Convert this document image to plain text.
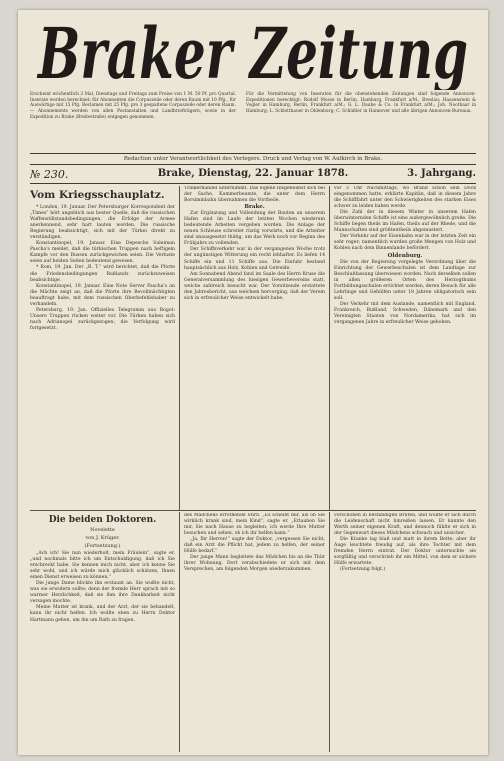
Braker Zeitung
Erscheint wöchentlich 3 Mal, Dienstags und Freitags zum Preise von 1 M. 50 Pf. pro Quartal. Inserate werden berechnet: für Abonnenten die Corpuszeile oder deren Raum mit 10 Pfg., für Auswärtige mit 15 Pfg. Reclamen mit 25 Pfg. pro 3 gespaltene Corpuszeile oder deren Raum. — Abonnements werden von allen Postanstalten und Landbriefträgern, sowie in der Expedition zu Brake (Breitestraße) entgegen genommen.
Für die Vermittelung von Inseraten für die obenstehenden Zeitungen sind folgende Annoncen-Expeditionen berechtigt: Rudolf Mosse in Berlin, Hamburg, Frankfurt a/M., Breslau; Haasenstein & Vogler in Hamburg, Berlin, Frankfurt a/M.; G. L. Daube & Co. in Frankfurt a/M.; Joh. Nootbaar in Hamburg; L. Schlotthauer in Oldenburg; C. Schüßler in Hannover und alle übrigen Annoncen-Bureaux.
Redaction unter Verantwortlichkeit des Verlegers. Druck und Verlag von W. Aufkirch in Brake.
№ 230.	Brake, Dienstag, 22. Januar 1878.	3. Jahrgang.
Vom Kriegsschauplatz.

* London, 19. Januar. Der Petersburger Korrespondent der „Times“ hört angeblich aus bester Quelle, daß die russischen Waffenstillstandsbedingungen, die Erfolge der Armee anerkennend, sehr hart lauten werden. Die russische Regierung beabsichtigt, sich mit der Türkei direkt zu verständigen.

Konstantinopel, 19. Januar. Eine Depesche Suleiman Pascha's meldet, daß die türkischen Truppen nach heftigem Kampfe vor den Russen zurückgewichen seien. Die Verluste seien auf beiden Seiten bedeutend gewesen.

* Rom, 19. Jan. Der „R. T.“ wird berichtet, daß die Pforte die Friedensbedingungen Rußlands zurückzuweisen beabsichtige.

Konstantinopel, 19. Januar. Eine Note Server Pascha's an die Mächte zeigt an, daß die Pforte ihre Bevollmächtigten beauftragt habe, mit dem russischen Oberbefehlshaber zu verhandeln.

Petersburg, 19. Jan. Offizielles Telegramm aus Bogot: Unsere Truppen rücken weiter vor. Die Türken haben sich nach Adrianopel zurückgezogen; die Verfolgung wird fortgesetzt.

Trinkerhandel unternimmt. Das eigene Insgeheimst sich bei der Sache, Kammerbeamte, die unter dem Herrn Borsimmbahn übernahmen die Vortheile.

Brake.

Zur Ergänzung und Vollendung der Bauten an unserem Hafen sind im Laufe der letzten Wochen wiederum bedeutende Arbeiten vergeben worden. Die Anlage der neuen Schleuse schreitet rüstig vorwärts, und die Arbeiter sind unausgesetzt thätig, um das Werk noch vor Beginn des Frühjahrs zu vollenden.

Der Schiffsverkehr war in der vergangenen Woche trotz der ungünstigen Witterung ein recht lebhafter. Es liefen 14 Schiffe ein und 11 Schiffe aus. Die Einfuhr bestand hauptsächlich aus Holz, Kohlen und Getreide.

Am Sonnabend Abend fand im Saale des Herrn Kruse die Generalversammlung des hiesigen Gewerbevereins statt, welche zahlreich besucht war. Der Vorsitzende erstattete den Jahresbericht, aus welchem hervorging, daß der Verein sich in erfreulicher Weise entwickelt habe.

vor 3 Uhr Nachmittags, wo Brand schon sein Dock eingenommen hatte, erklärte Kapitän, daß in diesem Jahre die Schifffahrt unter den Schwierigkeiten des starken Eises schwer zu leiden haben werde.

Die Zahl der in diesem Winter in unserem Hafen überwinternden Schiffe ist eine außergewöhnlich große. Die Schiffe liegen theils im Hafen, theils auf der Rhede, und die Mannschaften sind größtentheils abgemustert.

Der Verkehr auf der Eisenbahn war in der letzten Zeit ein sehr reger; namentlich wurden große Mengen von Holz und Kohlen nach dem Binnenlande befördert.

Oldenburg.

Die von der Regierung vorgelegte Verordnung über die Einrichtung der Gewerbeschulen ist dem Landtage zur Beschlußfassung überwiesen worden. Nach derselben sollen in allen größeren Orten des Herzogthums Fortbildungsschulen errichtet werden, deren Besuch für alle Lehrlinge und Gehülfen unter 18 Jahren obligatorisch sein soll.

Der Verkehr mit dem Auslande, namentlich mit England, Frankreich, Rußland, Schweden, Dänemark und den Vereinigten Staaten von Nordamerika, hat sich im vergangenen Jahre in erfreulicher Weise gehoben.

Die beiden Doktoren.
Novelette
von J. Krüger.
(Fortsetzung.)

„Ach ich! Sie nun wiederholt, mein Fräulein“, sagte er, „und nochmals bitte ich um Entschuldigung, daß ich Sie erschreckt habe. Sie kennen mich nicht, aber ich kenne Sie sehr wohl, und ich würde mich glücklich schätzen, Ihnen einen Dienst erweisen zu können.“

Die junge Dame blickte ihn erstaunt an. Sie wußte nicht, was sie erwidern sollte; denn der fremde Herr sprach mit so warmer Herzlichkeit, daß sie ihm ihre Dankbarkeit nicht versagen mochte.

Meine Mutter ist krank, und der Arzt, der sie behandelt, kann ihr nicht helfen. Ich wollte eben zu Herrn Doktor Hartmann gehen, um ihn um Rath zu fragen.

des Mädchens erröthende Stirn. „Es scheint mir, als ob Sie wirklich krank sind, mein Kind“, sagte er. „Erlauben Sie mir, Sie nach Hause zu begleiten; ich werde Ihre Mutter besuchen und sehen, ob ich ihr helfen kann.“

„Ja, Ihr Herren!“ sagte der Doktor, „vergessen Sie nicht, daß ein Arzt die Pflicht hat, jedem zu helfen, der seiner Hülfe bedarf.“

Der junge Mann begleitete das Mädchen bis an die Thür ihrer Wohnung. Dort verabschiedete er sich mit dem Versprechen, am folgenden Morgen wiederzukommen.

vorschoben in beständigen Brüten, und wollte er sich durch die Leidenschaft nicht hinreißen lassen. Er kannte den Werth seiner eigenen Kraft, und dennoch fühlte er sich in der Gegenwart dieses Mädchens schwach und unsicher.

Die Kranke lag blaß und matt in ihrem Bette; aber ihr Auge leuchtete freudig auf, als ihre Tochter mit dem fremden Herrn eintrat. Der Doktor untersuchte sie sorgfältig und verschrieb ihr ein Mittel, von dem er sichere Hülfe erwartete.

(Fortsetzung folgt.)
